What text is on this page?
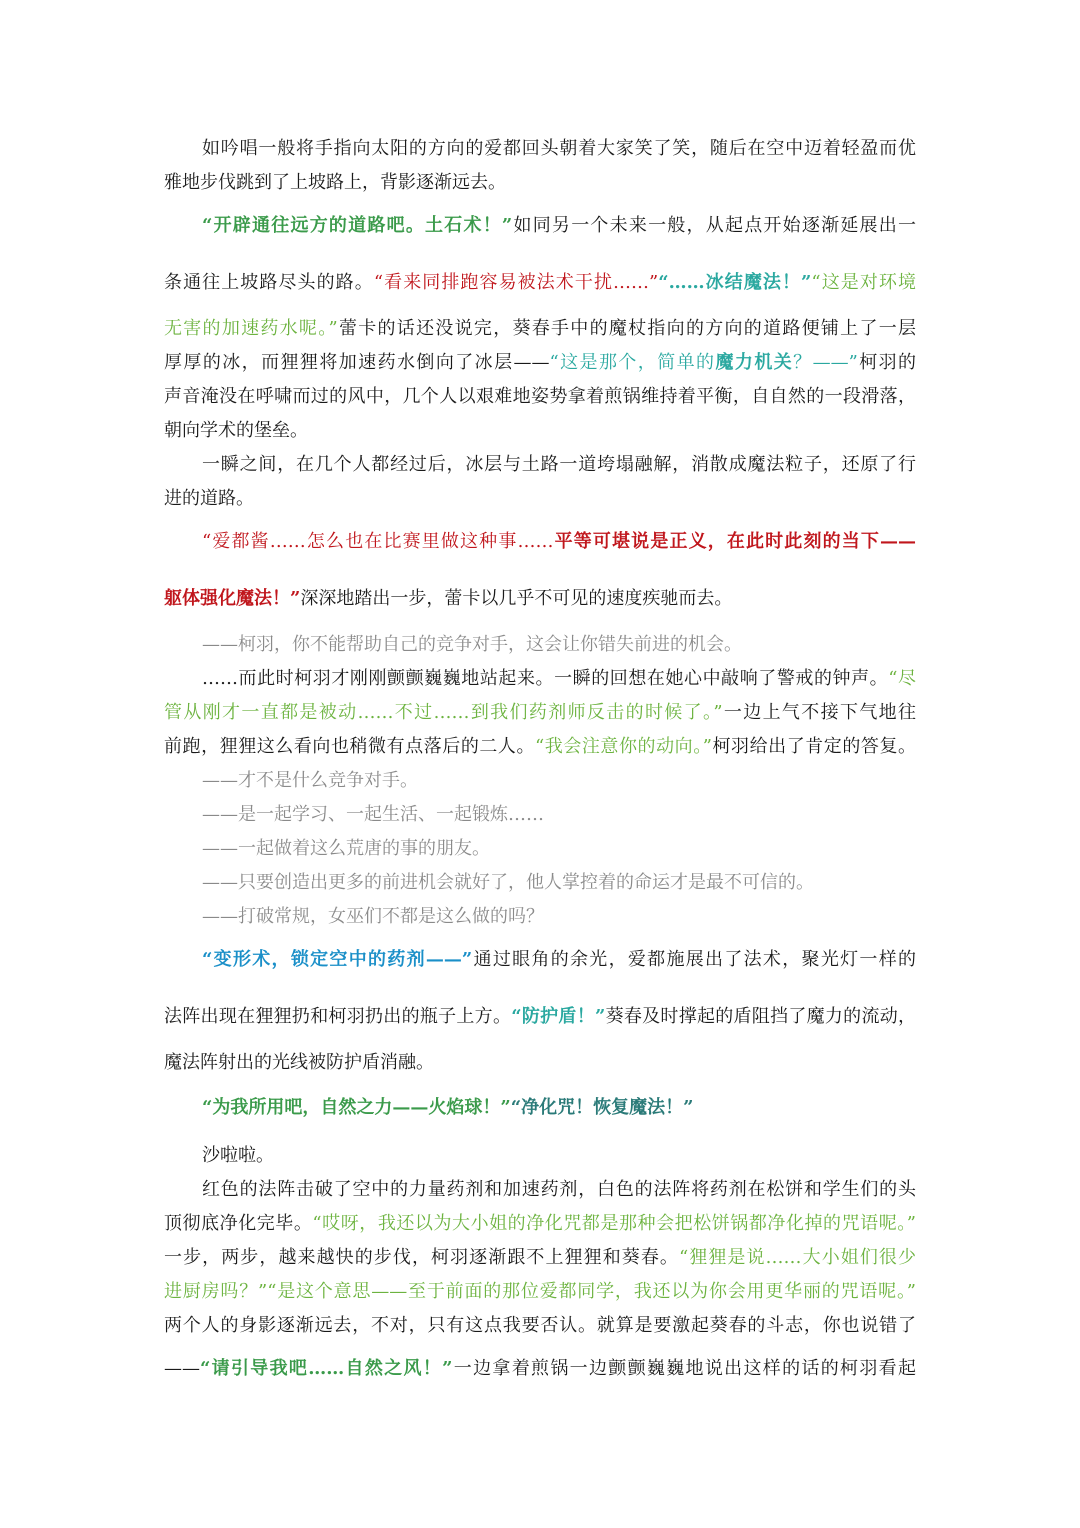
如吟唱一般将手指向太阳的方向的爱都回头朝着大家笑了笑，随后在空中迈着轻盈而优
雅地步伐跳到了上坡路上，背影逐渐远去。
“开辟通往远方的道路吧。土石术！”如同另一个未来一般，从起点开始逐渐延展出一
条通往上坡路尽头的路。“看来同排跑容易被法术干扰……”“……冰结魔法！”“这是对环境
无害的加速药水呢。”蕾卡的话还没说完，葵春手中的魔杖指向的方向的道路便铺上了一层
厚厚的冰，而狸狸将加速药水倒向了冰层——“这是那个，简单的魔力机关？——”柯羽的
声音淹没在呼啸而过的风中，几个人以艰难地姿势拿着煎锅维持着平衡，自自然的一段滑落，
朝向学术的堡垒。
一瞬之间，在几个人都经过后，冰层与土路一道垮塌融解，消散成魔法粒子，还原了行
进的道路。
“爱都酱……怎么也在比赛里做这种事……平等可堪说是正义，在此时此刻的当下——
躯体强化魔法！”深深地踏出一步，蕾卡以几乎不可见的速度疾驰而去。
——柯羽，你不能帮助自己的竞争对手，这会让你错失前进的机会。
……而此时柯羽才刚刚颤颤巍巍地站起来。一瞬的回想在她心中敲响了警戒的钟声。“尽
管从刚才一直都是被动……不过……到我们药剂师反击的时候了。”一边上气不接下气地往
前跑，狸狸这么看向也稍微有点落后的二人。“我会注意你的动向。”柯羽给出了肯定的答复。
——才不是什么竞争对手。
——是一起学习、一起生活、一起锻炼……
——一起做着这么荒唐的事的朋友。
——只要创造出更多的前进机会就好了，他人掌控着的命运才是最不可信的。
——打破常规，女巫们不都是这么做的吗？
“变形术，锁定空中的药剂——”通过眼角的余光，爱都施展出了法术，聚光灯一样的
法阵出现在狸狸扔和柯羽扔出的瓶子上方。“防护盾！”葵春及时撑起的盾阻挡了魔力的流动，
魔法阵射出的光线被防护盾消融。
“为我所用吧，自然之力——火焰球！”“净化咒！恢复魔法！”
沙啦啦。
红色的法阵击破了空中的力量药剂和加速药剂，白色的法阵将药剂在松饼和学生们的头
顶彻底净化完毕。“哎呀，我还以为大小姐的净化咒都是那种会把松饼锅都净化掉的咒语呢。”
一步，两步，越来越快的步伐，柯羽逐渐跟不上狸狸和葵春。“狸狸是说……大小姐们很少
进厨房吗？”“是这个意思——至于前面的那位爱都同学，我还以为你会用更华丽的咒语呢。”
两个人的身影逐渐远去，不对，只有这点我要否认。就算是要激起葵春的斗志，你也说错了
——“请引导我吧……自然之风！”一边拿着煎锅一边颤颤巍巍地说出这样的话的柯羽看起
